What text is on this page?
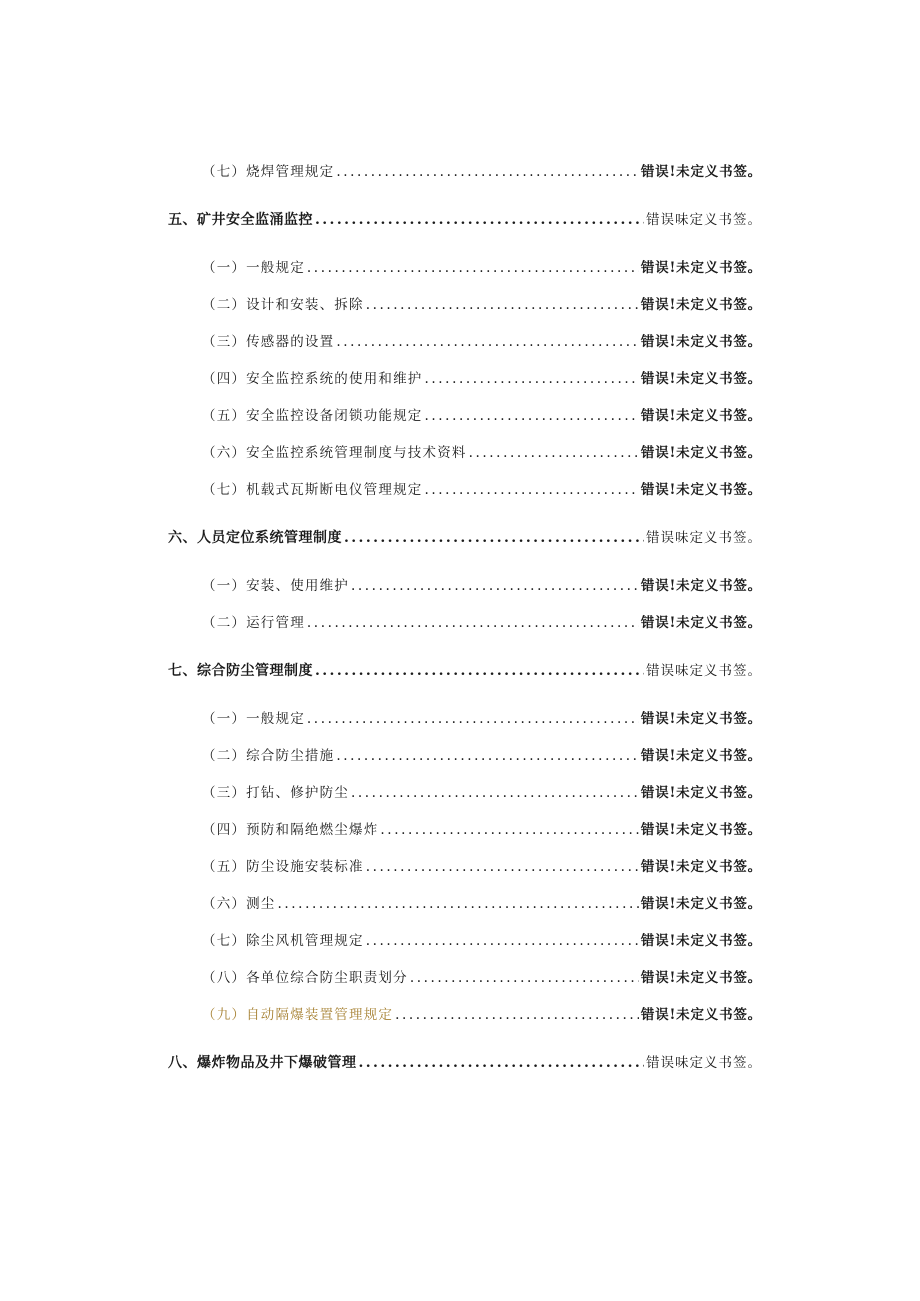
（七）烧焊管理规定 .....	错误!未定义书签。
五、矿井安全监涌监控 .....	错误味定义书签。
（一）一般规定 .....	错误!未定义书签。
（二）设计和安装、拆除 .....	错误!未定义书签。
（三）传感器的设置 .....	错误!未定义书签。
（四）安全监控系统的使用和维护 .....	错误!未定义书签。
（五）安全监控设备闭锁功能规定 .....	错误!未定义书签。
（六）安全监控系统管理制度与技术资料 .....	错误!未定义书签。
（七）机载式瓦斯断电仪管理规定 .....	错误!未定义书签。
六、人员定位系统管理制度 .....	错误味定义书签。
（一）安装、使用维护 .....	错误!未定义书签。
（二）运行管理 .....	错误!未定义书签。
七、综合防尘管理制度 .....	错误味定义书签。
（一）一般规定 .....	错误!未定义书签。
（二）综合防尘措施 .....	错误!未定义书签。
（三）打钻、修护防尘 .....	错误!未定义书签。
（四）预防和隔绝燃尘爆炸 .....	错误!未定义书签。
（五）防尘设施安装标准 .....	错误!未定义书签。
（六）测尘 .....	错误!未定义书签。
（七）除尘风机管理规定 .....	错误!未定义书签。
（八）各单位综合防尘职责划分 .....	错误!未定义书签。
（九）自动隔爆装置管理规定 .....	错误!未定义书签。
八、爆炸物品及井下爆破管理 .....	错误味定义书签。
